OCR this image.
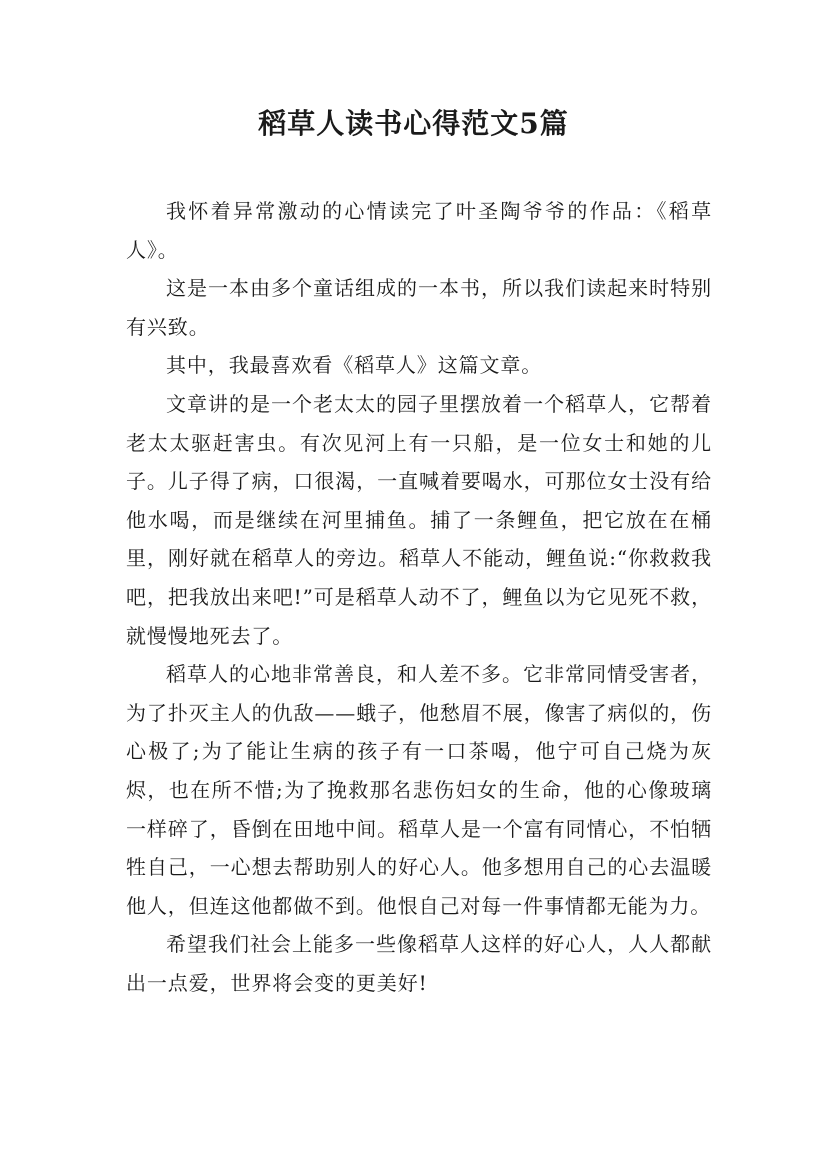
稻草人读书心得范文5篇

我怀着异常激动的心情读完了叶圣陶爷爷的作品：《稻草人》。

这是一本由多个童话组成的一本书，所以我们读起来时特别有兴致。

其中，我最喜欢看《稻草人》这篇文章。

文章讲的是一个老太太的园子里摆放着一个稻草人，它帮着老太太驱赶害虫。有次见河上有一只船，是一位女士和她的儿子。儿子得了病，口很渴，一直喊着要喝水，可那位女士没有给他水喝，而是继续在河里捕鱼。捕了一条鲤鱼，把它放在在桶里，刚好就在稻草人的旁边。稻草人不能动，鲤鱼说:“你救救我吧，把我放出来吧!”可是稻草人动不了，鲤鱼以为它见死不救，就慢慢地死去了。

稻草人的心地非常善良，和人差不多。它非常同情受害者，为了扑灭主人的仇敌——蛾子，他愁眉不展，像害了病似的，伤心极了;为了能让生病的孩子有一口茶喝，他宁可自己烧为灰烬，也在所不惜;为了挽救那名悲伤妇女的生命，他的心像玻璃一样碎了，昏倒在田地中间。稻草人是一个富有同情心，不怕牺牲自己，一心想去帮助别人的好心人。他多想用自己的心去温暖他人，但连这他都做不到。他恨自己对每一件事情都无能为力。

希望我们社会上能多一些像稻草人这样的好心人，人人都献出一点爱，世界将会变的更美好!
